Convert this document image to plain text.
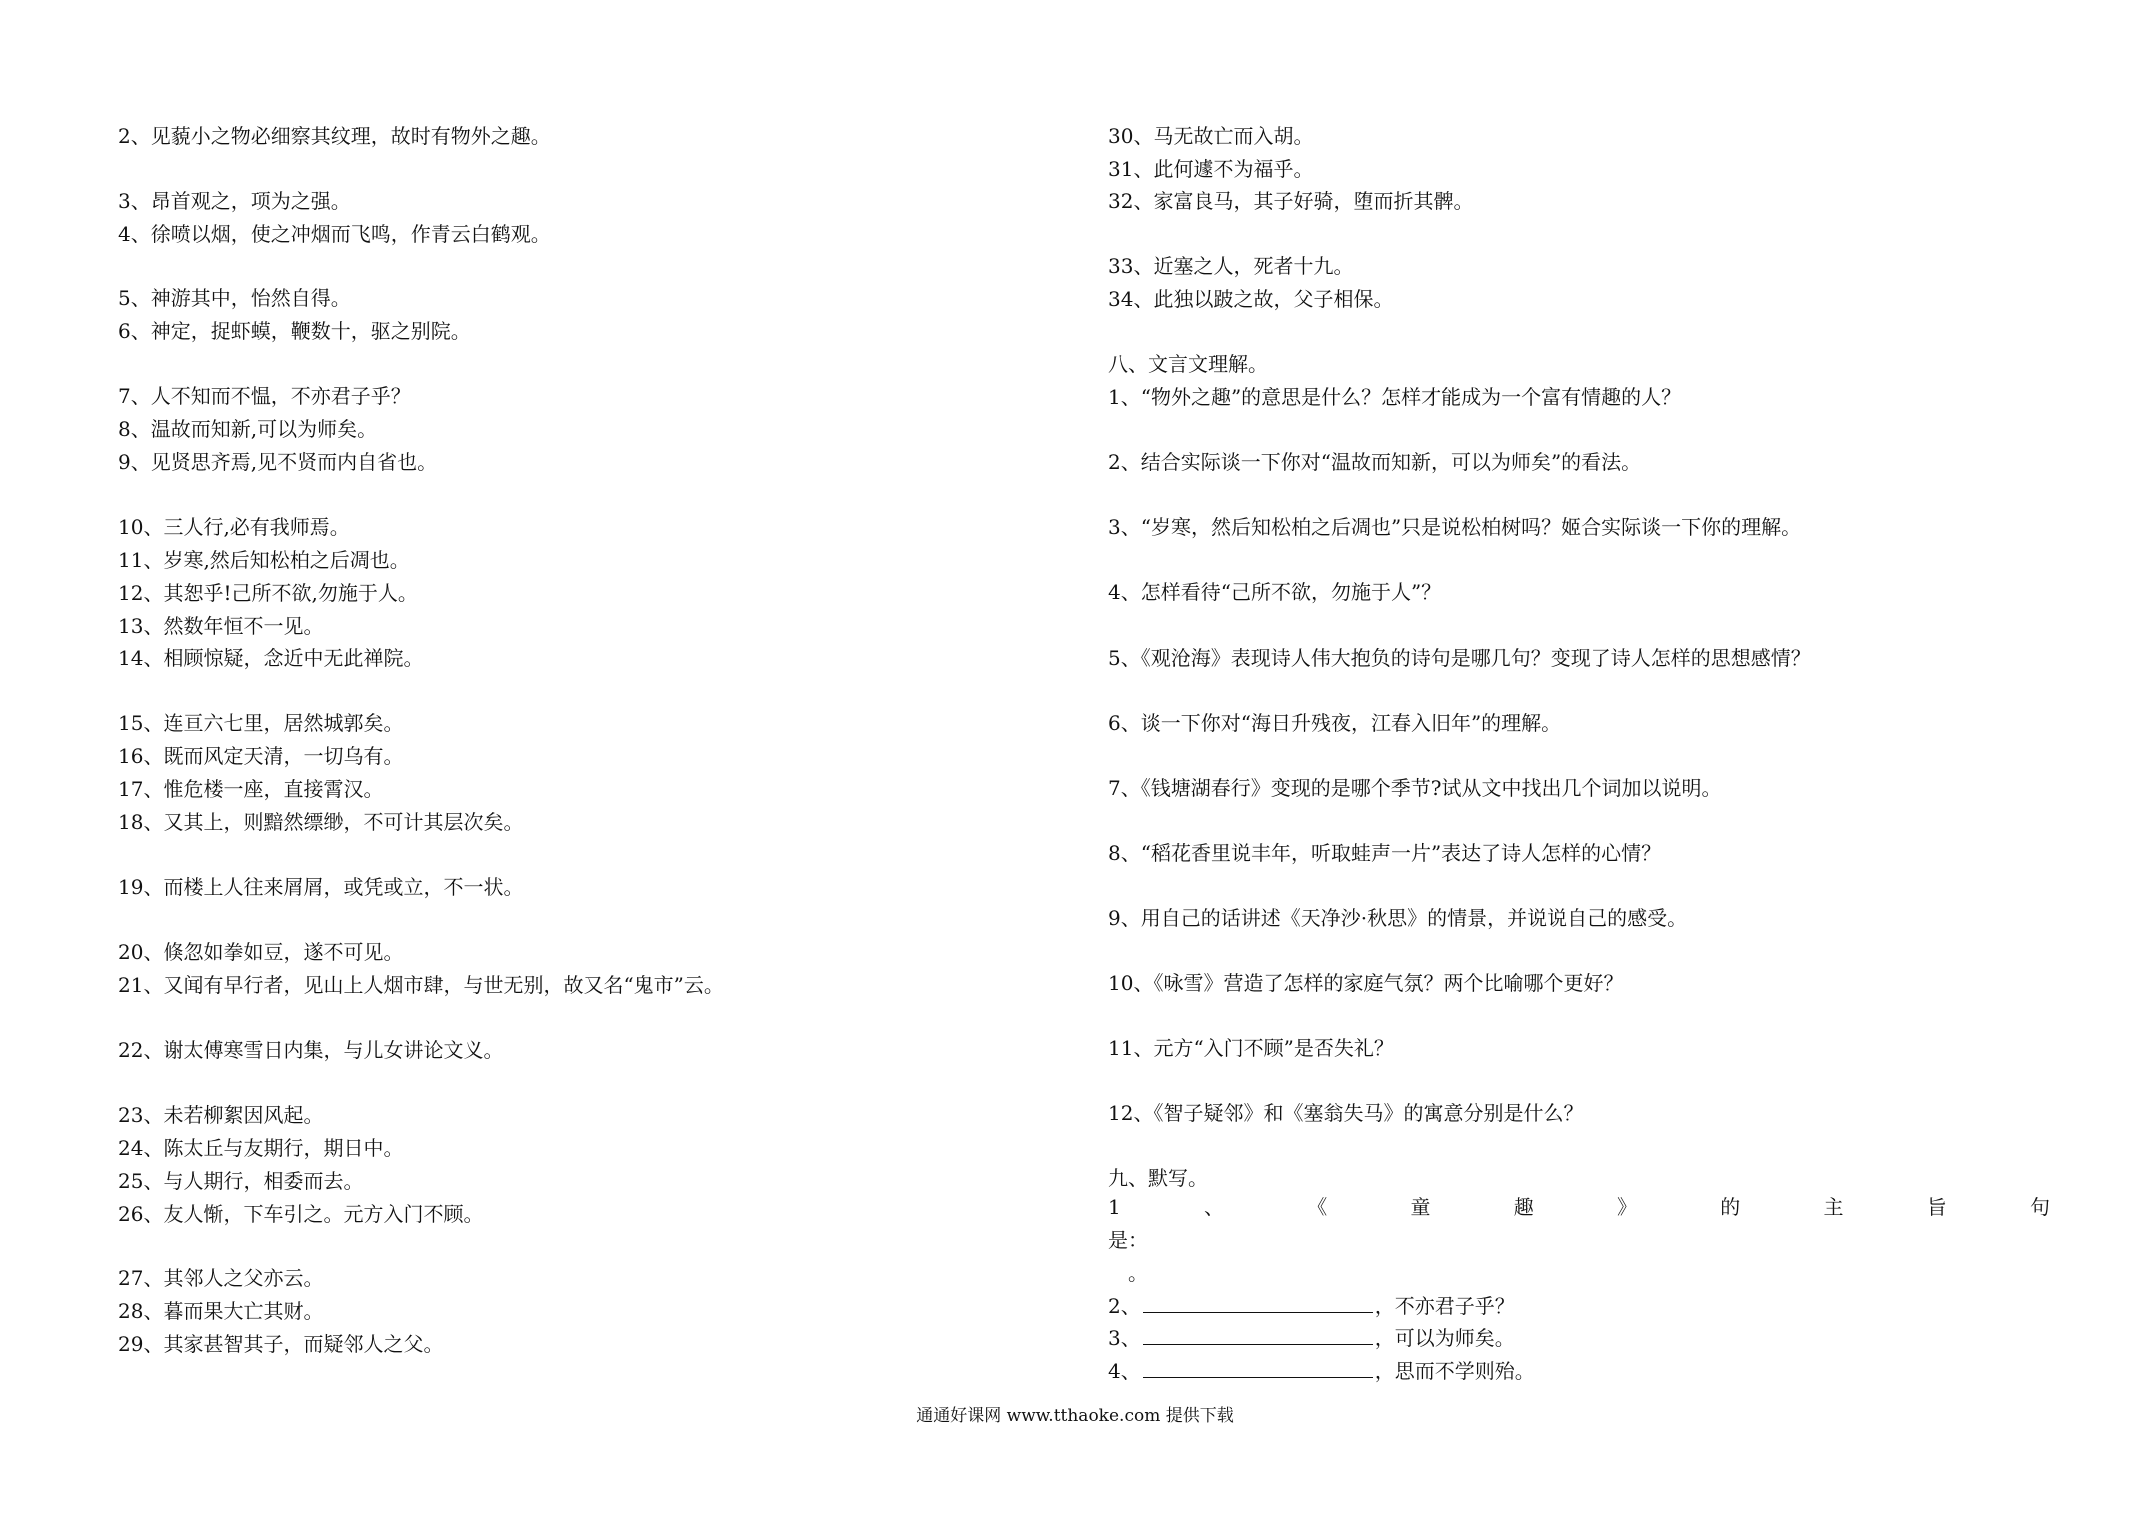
2、见藐小之物必细察其纹理，故时有物外之趣。
3、昂首观之，项为之强。
4、徐喷以烟，使之冲烟而飞鸣，作青云白鹤观。
5、神游其中，怡然自得。
6、神定，捉虾蟆，鞭数十，驱之别院。
7、人不知而不愠，不亦君子乎？
8、温故而知新,可以为师矣。
9、见贤思齐焉,见不贤而内自省也。
10、三人行,必有我师焉。
11、岁寒,然后知松柏之后凋也。
12、其恕乎!己所不欲,勿施于人。
13、然数年恒不一见。
14、相顾惊疑，念近中无此禅院。
15、连亘六七里，居然城郭矣。
16、既而风定天清，一切乌有。
17、惟危楼一座，直接霄汉。
18、又其上，则黯然缥缈，不可计其层次矣。
19、而楼上人往来屑屑，或凭或立，不一状。
20、倏忽如拳如豆，遂不可见。
21、又闻有早行者，见山上人烟市肆，与世无别，故又名“鬼市”云。
22、谢太傅寒雪日内集，与儿女讲论文义。
23、未若柳絮因风起。
24、陈太丘与友期行，期日中。
25、与人期行，相委而去。
26、友人惭，下车引之。元方入门不顾。
27、其邻人之父亦云。
28、暮而果大亡其财。
29、其家甚智其子，而疑邻人之父。
30、马无故亡而入胡。
31、此何遽不为福乎。
32、家富良马，其子好骑，堕而折其髀。
33、近塞之人，死者十九。
34、此独以跛之故，父子相保。
八、文言文理解。
1、“物外之趣”的意思是什么？怎样才能成为一个富有情趣的人？
2、结合实际谈一下你对“温故而知新，可以为师矣”的看法。
3、“岁寒，然后知松柏之后凋也”只是说松柏树吗？姬合实际谈一下你的理解。
4、怎样看待“己所不欲，勿施于人”？
5、《观沧海》表现诗人伟大抱负的诗句是哪几句？变现了诗人怎样的思想感情？
6、谈一下你对“海日升残夜，江春入旧年”的理解。
7、《钱塘湖春行》变现的是哪个季节?试从文中找出几个词加以说明。
8、“稻花香里说丰年，听取蛙声一片”表达了诗人怎样的心情？
9、用自己的话讲述《天净沙·秋思》的情景，并说说自己的感受。
10、《咏雪》营造了怎样的家庭气氛？两个比喻哪个更好？
11、元方“入门不顾”是否失礼？
12、《智子疑邻》和《塞翁失马》的寓意分别是什么？
九、默写。
1	、	《	童	趣	》	的	主	旨	句
是：
。
2、	，不亦君子乎？
3、	，可以为师矣。
4、	，思而不学则殆。
通通好课网 www.tthaoke.com 提供下载
